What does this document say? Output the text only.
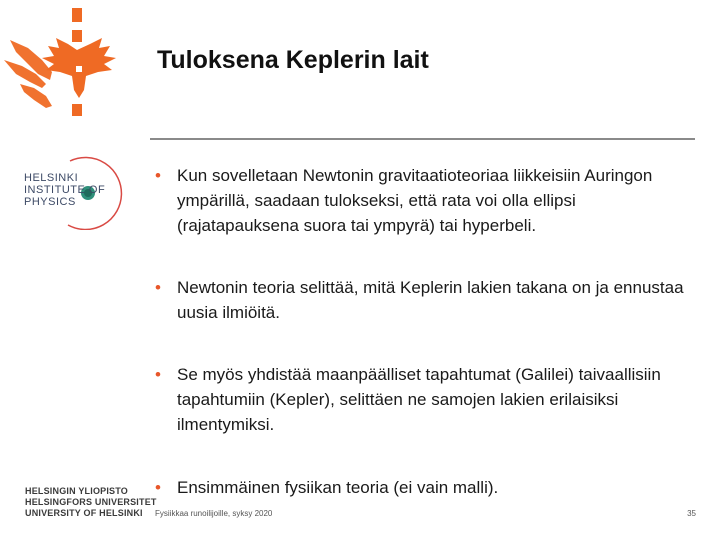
HELSINKI
INSTITUTE OF
PHYSICS
Tuloksena Keplerin lait
• Kun sovelletaan Newtonin gravitaatioteoriaa liikkeisiin Auringon ympärillä, saadaan tulokseksi, että rata voi olla ellipsi (rajatapauksena suora tai ympyrä) tai hyperbeli.
• Newtonin teoria selittää, mitä Keplerin lakien takana on ja ennustaa uusia ilmiöitä.
• Se myös yhdistää maanpäälliset tapahtumat (Galilei) taivaallisiin tapahtumiin (Kepler), selittäen ne samojen lakien erilaisiksi ilmentymiksi.
• Ensimmäinen fysiikan teoria (ei vain malli).
HELSINGIN YLIOPISTO
HELSINGFORS UNIVERSITET
UNIVERSITY OF HELSINKI	Fysiikkaa runoilijoille, syksy 2020	35
